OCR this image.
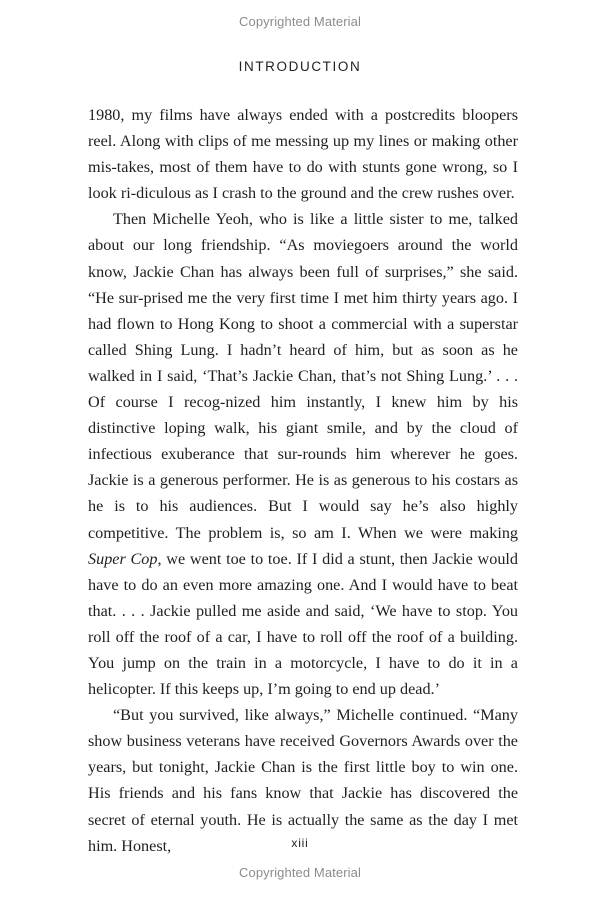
Copyrighted Material
INTRODUCTION

1980, my films have always ended with a postcredits bloopers reel. Along with clips of me messing up my lines or making other mis-takes, most of them have to do with stunts gone wrong, so I look ri-diculous as I crash to the ground and the crew rushes over.

Then Michelle Yeoh, who is like a little sister to me, talked about our long friendship. “As moviegoers around the world know, Jackie Chan has always been full of surprises,” she said. “He sur-prised me the very first time I met him thirty years ago. I had flown to Hong Kong to shoot a commercial with a superstar called Shing Lung. I hadn’t heard of him, but as soon as he walked in I said, ‘That’s Jackie Chan, that’s not Shing Lung.’ . . . Of course I recog-nized him instantly, I knew him by his distinctive loping walk, his giant smile, and by the cloud of infectious exuberance that sur-rounds him wherever he goes. Jackie is a generous performer. He is as generous to his costars as he is to his audiences. But I would say he’s also highly competitive. The problem is, so am I. When we were making Super Cop, we went toe to toe. If I did a stunt, then Jackie would have to do an even more amazing one. And I would have to beat that. . . . Jackie pulled me aside and said, ‘We have to stop. You roll off the roof of a car, I have to roll off the roof of a building. You jump on the train in a motorcycle, I have to do it in a helicopter. If this keeps up, I’m going to end up dead.’

“But you survived, like always,” Michelle continued. “Many show business veterans have received Governors Awards over the years, but tonight, Jackie Chan is the first little boy to win one. His friends and his fans know that Jackie has discovered the secret of eternal youth. He is actually the same as the day I met him. Honest,	xiii
Copyrighted Material
